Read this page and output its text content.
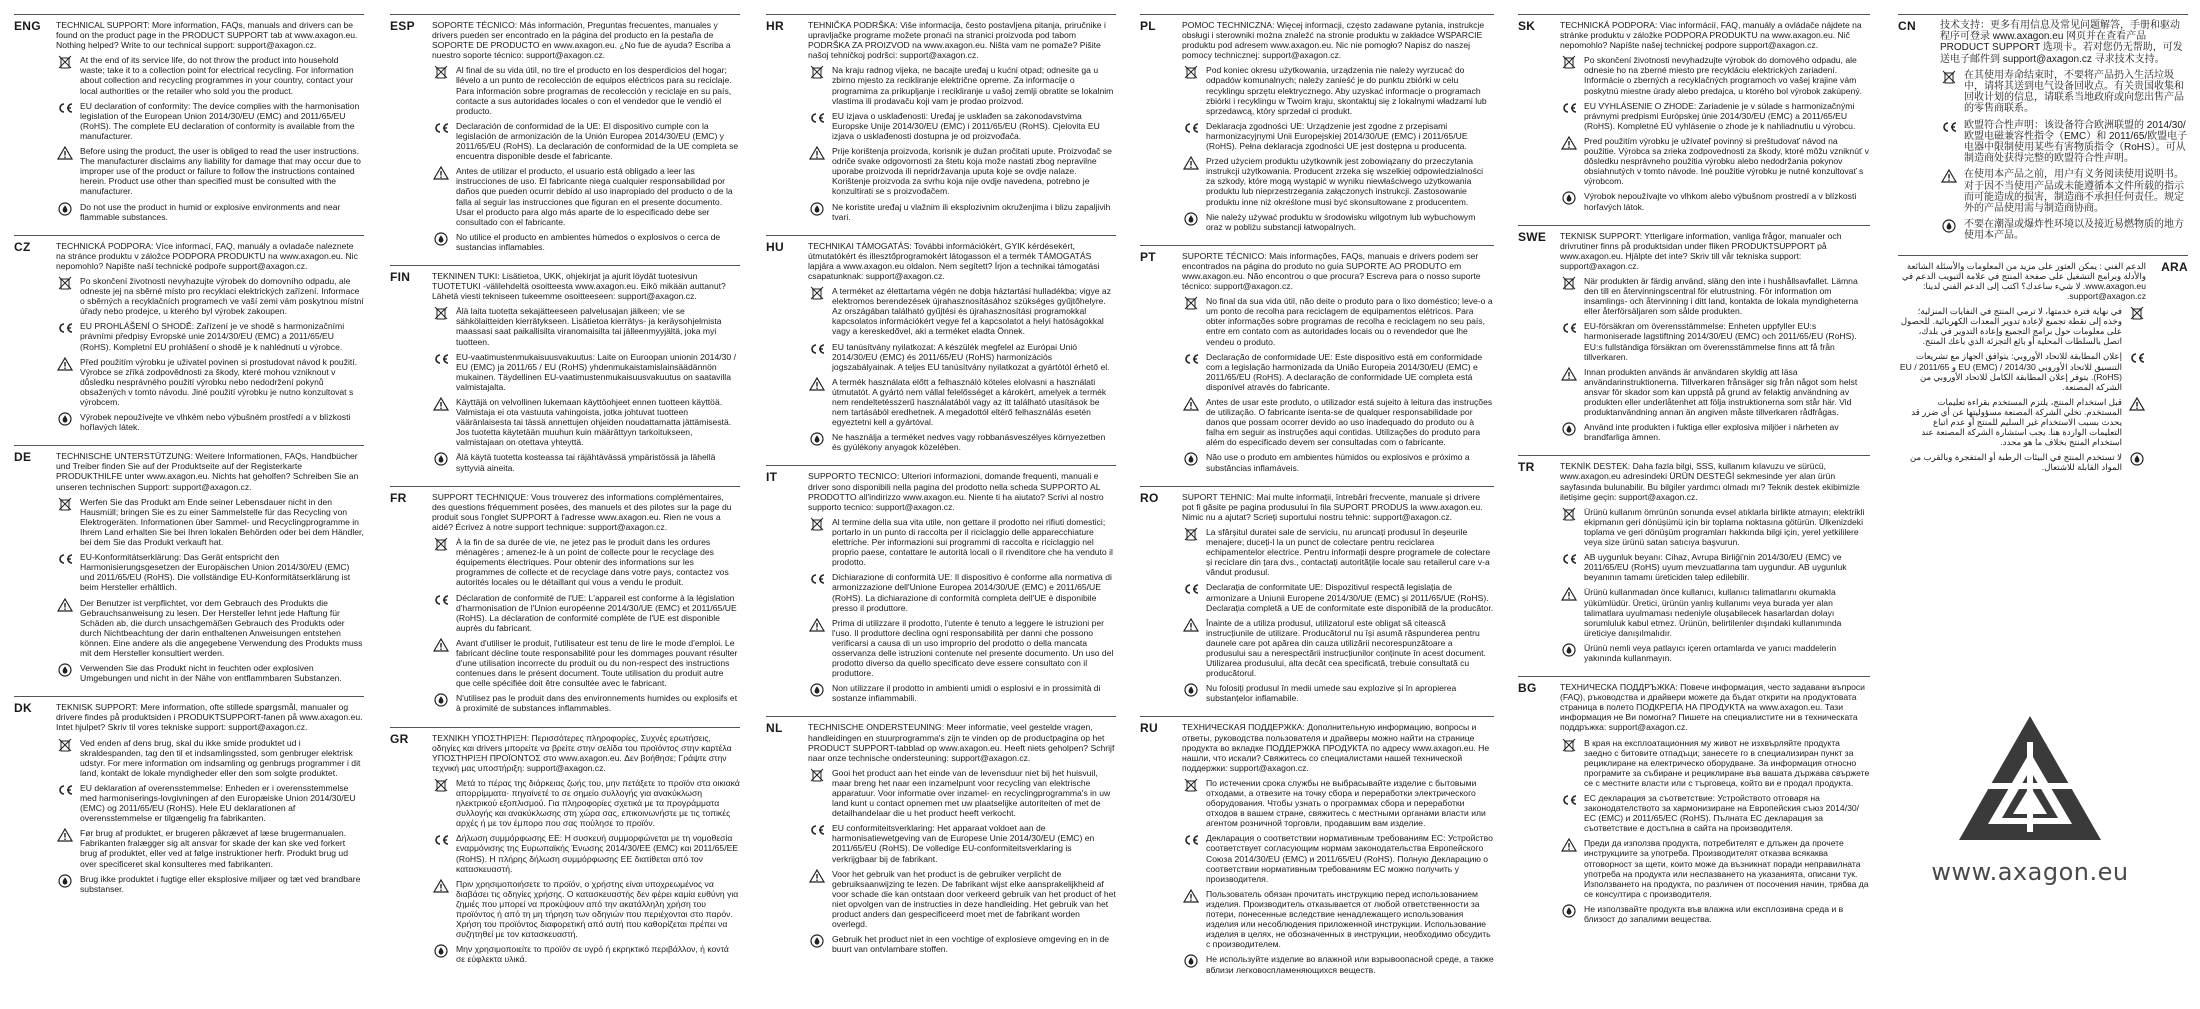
ENG	TECHNICAL SUPPORT: More information, FAQs, manuals and drivers can be found on the product page in the PRODUCT SUPPORT tab at www.axagon.eu. Nothing helped? Write to our technical support: support@axagon.cz.
At the end of its service life, do not throw the product into household waste; take it to a collection point for electrical recycling. For information about collection and recycling programmes in your country, contact your local authorities or the retailer who sold you the product.
EU declaration of conformity: The device complies with the harmonisation legislation of the European Union 2014/30/EU (EMC) and 2011/65/EU (RoHS). The complete EU declaration of conformity is available from the manufacturer.
Before using the product, the user is obliged to read the user instructions. The manufacturer disclaims any liability for damage that may occur due to improper use of the product or failure to follow the instructions contained herein. Product use other than specified must be consulted with the manufacturer.
Do not use the product in humid or explosive environments and near flammable substances.
CZ	TECHNICKÁ PODPORA: Více informací, FAQ, manuály a ovladače naleznete na stránce produktu v záložce PODPORA PRODUKTU na www.axagon.eu. Nic nepomohlo? Napište naší technické podpoře support@axagon.cz.
Po skončení životnosti nevyhazujte výrobek do domovního odpadu, ale odneste jej na sběrné místo pro recyklaci elektrických zařízení. Informace o sběrných a recyklačních programech ve vaší zemi vám poskytnou místní úřady nebo prodejce, u kterého byl výrobek zakoupen.
EU PROHLÁŠENÍ O SHODĚ: Zařízení je ve shodě s harmonizačními právními předpisy Evropské unie 2014/30/EU (EMC) a 2011/65/EU (RoHS). Kompletní EU prohlášení o shodě je k nahlédnutí u výrobce.
Před použitím výrobku je uživatel povinen si prostudovat návod k použití. Výrobce se zříká zodpovědnosti za škody, které mohou vzniknout v důsledku nesprávného použití výrobku nebo nedodržení pokynů obsažených v tomto návodu. Jiné použití výrobku je nutno konzultovat s výrobcem.
Výrobek nepoužívejte ve vlhkém nebo výbušném prostředí a v blízkosti hořlavých látek.
DE	TECHNISCHE UNTERSTÜTZUNG: Weitere Informationen, FAQs, Handbücher und Treiber finden Sie auf der Produktseite auf der Registerkarte PRODUKTHILFE unter www.axagon.eu. Nichts hat geholfen? Schreiben Sie an unseren technischen Support: support@axagon.cz.
Werfen Sie das Produkt am Ende seiner Lebensdauer nicht in den Hausmüll; bringen Sie es zu einer Sammelstelle für das Recycling von Elektrogeräten. Informationen über Sammel- und Recyclingprogramme in Ihrem Land erhalten Sie bei Ihren lokalen Behörden oder bei dem Händler, bei dem Sie das Produkt verkauft hat.
EU-Konformitätserklärung: Das Gerät entspricht den Harmonisierungsgesetzen der Europäischen Union 2014/30/EU (EMC) und 2011/65/EU (RoHS). Die vollständige EU-Konformitätserklärung ist beim Hersteller erhältlich.
Der Benutzer ist verpflichtet, vor dem Gebrauch des Produkts die Gebrauchsanweisung zu lesen. Der Hersteller lehnt jede Haftung für Schäden ab, die durch unsachgemäßen Gebrauch des Produkts oder durch Nichtbeachtung der darin enthaltenen Anweisungen entstehen können. Eine andere als die angegebene Verwendung des Produkts muss mit dem Hersteller konsultiert werden.
Verwenden Sie das Produkt nicht in feuchten oder explosiven Umgebungen und nicht in der Nähe von entflammbaren Substanzen.
DK	TEKNISK SUPPORT: Mere information, ofte stillede spørgsmål, manualer og drivere findes på produktsiden i PRODUKTSUPPORT-fanen på www.axagon.eu. Intet hjulpet? Skriv til vores tekniske support: support@axagon.cz.
Ved enden af dens brug, skal du ikke smide produktet ud i skraldespanden, tag den til et indsamlingssted, som genbruger elektrisk udstyr. For mere information om indsamling og genbrugs programmer i dit land, kontakt de lokale myndigheder eller den som solgte produktet.
EU deklaration af overensstemmelse: Enheden er i overensstemmelse med harmoniserings-lovgivningen af den Europæiske Union 2014/30/EU (EMC) og 2011/65/EU (RoHS). Hele EU deklarationen af overensstemmelse er tilgængelig fra fabrikanten.
Før brug af produktet, er brugeren påkrævet af læse brugermanualen. Fabrikanten fralægger sig alt ansvar for skade der kan ske ved forkert brug af produktet, eller ved at følge instruktioner herfr. Produkt brug ud over specificeret skal konsulteres med fabrikanten.
Brug ikke produktet i fugtige eller eksplosive miljøer og tæt ved brandbare substanser.
ESP	SOPORTE TÉCNICO: Más información, Preguntas frecuentes, manuales y drivers pueden ser encontrado en la página del producto en la pestaña de SOPORTE DE PRODUCTO en www.axagon.eu. ¿No fue de ayuda? Escriba a nuestro soporte técnico: support@axagon.cz.
Al final de su vida útil, no tire el producto en los desperdicios del hogar; llévelo a un punto de recolección de equipos eléctricos para su reciclaje. Para información sobre programas de recolección y reciclaje en su país, contacte a sus autoridades locales o con el vendedor que le vendió el producto.
Declaración de conformidad de la UE: El dispositivo cumple con la legislación de armonización de la Unión Europea 2014/30/EU (EMC) y 2011/65/EU (RoHS). La declaración de conformidad de la UE completa se encuentra disponible desde el fabricante.
Antes de utilizar el producto, el usuario está obligado a leer las instrucciones de uso. El fabricante niega cualquier responsabilidad por daños que pueden ocurrir debido al uso inapropiado del producto o de la falla al seguir las instrucciones que figuran en el presente documento. Usar el producto para algo más aparte de lo especificado debe ser consultado con el fabricante.
No utilice el producto en ambientes húmedos o explosivos o cerca de sustancias inflamables.
FIN	TEKNINEN TUKI: Lisätietoa, UKK, ohjekirjat ja ajurit löydät tuotesivun TUOTETUKI -välilehdeltä osoitteesta www.axagon.eu. Eikö mikään auttanut? Lähetä viesti tekniseen tukeemme osoitteeseen: support@axagon.cz.
Älä laita tuotetta sekajätteeseen palvelusajan jälkeen; vie se sähkölaitteiden kierrätykseen. Lisätietoa kierrätys- ja keräysohjelmista maassasi saat paikallisilta viranomaisilta tai jälleenmyyjältä, joka myi tuotteen.
EU-vaatimustenmukaisuusvakuutus: Laite on Euroopan unionin 2014/30 / EU (EMC) ja 2011/65 / EU (RoHS) yhdenmukaistamislainsäädännön mukainen. Täydellinen EU-vaatimustenmukaisuusvakuutus on saatavilla valmistajalta.
Käyttäjä on velvollinen lukemaan käyttöohjeet ennen tuotteen käyttöä. Valmistaja ei ota vastuuta vahingoista, jotka johtuvat tuotteen vääränlaisesta tai tässä annettujen ohjeiden noudattamatta jättämisestä. Jos tuotetta käytetään muuhun kuin määrättyyn tarkoitukseen, valmistajaan on otettava yhteyttä.
Älä käytä tuotetta kosteassa tai räjähtävässä ympäristössä ja lähellä syttyviä aineita.
FR	SUPPORT TECHNIQUE: Vous trouverez des informations complémentaires, des questions fréquemment posées, des manuels et des pilotes sur la page du produit sous l'onglet SUPPORT à l'adresse www.axagon.eu. Rien ne vous a aidé? Écrivez à notre support technique: support@axagon.cz.
À la fin de sa durée de vie, ne jetez pas le produit dans les ordures ménagères ; amenez-le à un point de collecte pour le recyclage des équipements électriques. Pour obtenir des informations sur les programmes de collecte et de recyclage dans votre pays, contactez vos autorités locales ou le détaillant qui vous a vendu le produit.
Déclaration de conformité de l'UE: L'appareil est conforme à la législation d'harmonisation de l'Union européenne 2014/30/UE (EMC) et 2011/65/UE (RoHS). La déclaration de conformité complète de l'UE est disponible auprès du fabricant.
Avant d'utiliser le produit, l'utilisateur est tenu de lire le mode d'emploi. Le fabricant décline toute responsabilité pour les dommages pouvant résulter d'une utilisation incorrecte du produit ou du non-respect des instructions contenues dans le présent document. Toute utilisation du produit autre que celle spécifiée doit être consultée avec le fabricant.
N'utilisez pas le produit dans des environnements humides ou explosifs et à proximité de substances inflammables.
GR	ΤΕΧΝΙΚΗ ΥΠΟΣΤΗΡΙΞΗ: Περισσότερες πληροφορίες, Συχνές ερωτήσεις, οδηγίες και drivers μπορείτε να βρείτε στην σελίδα του προϊόντος στην καρτέλα ΥΠΟΣΤΗΡΙΞΗ ΠΡΟΪΟΝΤΟΣ στο www.axagon.eu. Δεν βοήθησε; Γράψτε στην τεχνική μας υποστήριξη: support@axagon.cz.
Μετά το πέρας της διάρκειας ζωής του, μην πετάξετε το προϊόν στα οικιακά απορρίμματα· πηγαίνετέ το σε σημείο συλλογής για ανακύκλωση ηλεκτρικού εξοπλισμού. Για πληροφορίες σχετικά με τα προγράμματα συλλογής και ανακύκλωσης στη χώρα σας, επικοινωνήστε με τις τοπικές αρχές ή με τον έμπορο που σας πούλησε το προϊόν.
Δήλωση συμμόρφωσης ΕΕ: Η συσκευή συμμορφώνεται με τη νομοθεσία εναρμόνισης της Ευρωπαϊκής Ένωσης 2014/30/ΕΕ (EMC) και 2011/65/ΕΕ (RoHS). Η πλήρης δήλωση συμμόρφωσης ΕΕ διατίθεται από τον κατασκευαστή.
Πριν χρησιμοποιήσετε το προϊόν, ο χρήστης είναι υποχρεωμένος να διαβάσει τις οδηγίες χρήσης. Ο κατασκευαστής δεν φέρει καμία ευθύνη για ζημιές που μπορεί να προκύψουν από την ακατάλληλη χρήση του προϊόντος ή από τη μη τήρηση των οδηγιών που περιέχονται στο παρόν. Χρήση του προϊόντος διαφορετική από αυτή που καθορίζεται πρέπει να συζητηθεί με τον κατασκευαστή.
Μην χρησιμοποιείτε το προϊόν σε υγρό ή εκρηκτικό περιβάλλον, ή κοντά σε εύφλεκτα υλικά.
HR	TEHNIČKA PODRŠKA: Više informacija, često postavljena pitanja, priručnike i upravljačke programe možete pronaći na stranici proizvoda pod tabom PODRŠKA ZA PROIZVOD na www.axagon.eu. Ništa vam ne pomaže? Pišite našoj tehničkoj podršci: support@axagon.cz.
Na kraju radnog vijeka, ne bacajte uređaj u kućni otpad; odnesite ga u zbirno mjesto za recikliranje električne opreme. Za informacije o programima za prikupljanje i recikliranje u vašoj zemlji obratite se lokalnim vlastima ili prodavaču koji vam je prodao proizvod.
EU izjava o usklađenosti: Uređaj je usklađen sa zakonodavstvima Europske Unije 2014/30/EU (EMC) i 2011/65/EU (RoHS). Cjelovita EU izjava o usklađenosti dostupna je od proizvođača.
Prije korištenja proizvoda, korisnik je dužan pročitati upute. Proizvođač se odriče svake odgovornosti za štetu koja može nastati zbog nepravilne uporabe proizvoda ili nepridržavanja uputa koje se ovdje nalaze. Korištenje proizvoda za svrhu koja nije ovdje navedena, potrebno je konzultirati se s proizvođačem.
Ne koristite uređaj u vlažnim ili eksplozivnim okruženjima i blizu zapaljivih tvari.
HU	TECHNIKAI TÁMOGATÁS: További információkért, GYIK kérdésekért, útmutatókért és illesztőprogramokért látogasson el a termék TÁMOGATÁS lapjára a www.axagon.eu oldalon. Nem segített? Írjon a technikai támogatási csapatunknak: support@axagon.cz.
A terméket az élettartama végén ne dobja háztartási hulladékba; vigye az elektromos berendezések újrahasznosításához szükséges gyűjtőhelyre. Az országában található gyűjtési és újrahasznosítási programokkal kapcsolatos információkért vegye fel a kapcsolatot a helyi hatóságokkal vagy a kereskedővel, aki a terméket eladta Önnek.
EU tanúsítvány nyilatkozat: A készülék megfelel az Európai Unió 2014/30/EU (EMC) és 2011/65/EU (RoHS) harmonizációs jogszabályainak. A teljes EU tanúsítvány nyilatkozat a gyártótól érhető el.
A termék használata előtt a felhasználó köteles elolvasni a használati útmutatót. A gyártó nem vállal felelősséget a károkért, amelyek a termék nem rendeltetésszerű használatából vagy az itt található utasítások be nem tartásából eredhetnek. A megadottól eltérő felhasználás esetén egyeztetni kell a gyártóval.
Ne használja a terméket nedves vagy robbanásveszélyes környezetben és gyúlékony anyagok közelében.
IT	SUPPORTO TECNICO: Ulteriori informazioni, domande frequenti, manuali e driver sono disponibili nella pagina del prodotto nella scheda SUPPORTO AL PRODOTTO all'indirizzo www.axagon.eu. Niente ti ha aiutato? Scrivi al nostro supporto tecnico: support@axagon.cz.
Al termine della sua vita utile, non gettare il prodotto nei rifiuti domestici; portarlo in un punto di raccolta per il riciclaggio delle apparecchiature elettriche. Per informazioni sui programmi di raccolta e riciclaggio nel proprio paese, contattare le autorità locali o il rivenditore che ha venduto il prodotto.
Dichiarazione di conformità UE: Il dispositivo è conforme alla normativa di armonizzazione dell'Unione Europea 2014/30/UE (EMC) e 2011/65/UE (RoHS). La dichiarazione di conformità completa dell'UE è disponibile presso il produttore.
Prima di utilizzare il prodotto, l'utente è tenuto a leggere le istruzioni per l'uso. Il produttore declina ogni responsabilità per danni che possono verificarsi a causa di un uso improprio del prodotto o della mancata osservanza delle istruzioni contenute nel presente documento. Un uso del prodotto diverso da quello specificato deve essere consultato con il produttore.
Non utilizzare il prodotto in ambienti umidi o esplosivi e in prossimità di sostanze infiammabili.
NL	TECHNISCHE ONDERSTEUNING: Meer informatie, veel gestelde vragen, handleidingen en stuurprogramma's zijn te vinden op de productpagina op het PRODUCT SUPPORT-tabblad op www.axagon.eu. Heeft niets geholpen? Schrijf naar onze technische ondersteuning: support@axagon.cz.
Gooi het product aan het einde van de levensduur niet bij het huisvuil, maar breng het naar een inzamelpunt voor recycling van elektrische apparatuur. Voor informatie over inzamel- en recyclingprogramma's in uw land kunt u contact opnemen met uw plaatselijke autoriteiten of met de detailhandelaar die u het product heeft verkocht.
EU conformiteitsverklaring: Het apparaat voldoet aan de harmonisatiewetgeving van de Europese Unie 2014/30/EU (EMC) en 2011/65/EU (RoHS). De volledige EU-conformiteitsverklaring is verkrijgbaar bij de fabrikant.
Voor het gebruik van het product is de gebruiker verplicht de gebruiksaanwijzing te lezen. De fabrikant wijst elke aansprakelijkheid af voor schade die kan ontstaan door verkeerd gebruik van het product of het niet opvolgen van de instructies in deze handleiding. Het gebruik van het product anders dan gespecificeerd moet met de fabrikant worden overlegd.
Gebruik het product niet in een vochtige of explosieve omgeving en in de buurt van ontvlambare stoffen.
PL	POMOC TECHNICZNA: Więcej informacji, często zadawane pytania, instrukcje obsługi i sterowniki można znaleźć na stronie produktu w zakładce WSPARCIE produktu pod adresem www.axagon.eu. Nic nie pomogło? Napisz do naszej pomocy technicznej: support@axagon.cz.
Pod koniec okresu użytkowania, urządzenia nie należy wyrzucać do odpadów komunalnych; należy zanieść je do punktu zbiórki w celu recyklingu sprzętu elektrycznego. Aby uzyskać informacje o programach zbiórki i recyklingu w Twoim kraju, skontaktuj się z lokalnymi władzami lub sprzedawcą, który sprzedał ci produkt.
Deklaracja zgodności UE: Urządzenie jest zgodne z przepisami harmonizacyjnymi Unii Europejskiej 2014/30/UE (EMC) i 2011/65/UE (RoHS). Pełna deklaracja zgodności UE jest dostępna u producenta.
Przed użyciem produktu użytkownik jest zobowiązany do przeczytania instrukcji użytkowania. Producent zrzeka się wszelkiej odpowiedzialności za szkody, które mogą wystąpić w wyniku niewłaściwego użytkowania produktu lub nieprzestrzegania załączonych instrukcji. Zastosowanie produktu inne niż określone musi być skonsultowane z producentem.
Nie należy używać produktu w środowisku wilgotnym lub wybuchowym oraz w pobliżu substancji łatwopalnych.
PT	SUPORTE TÉCNICO: Mais informações, FAQs, manuais e drivers podem ser encontrados na página do produto no guia SUPORTE AO PRODUTO em www.axagon.eu. Não encontrou o que procura? Escreva para o nosso suporte técnico: support@axagon.cz.
No final da sua vida útil, não deite o produto para o lixo doméstico; leve-o a um ponto de recolha para reciclagem de equipamentos elétricos. Para obter informações sobre programas de recolha e reciclagem no seu país, entre em contato com as autoridades locais ou o revendedor que lhe vendeu o produto.
Declaração de conformidade UE: Este dispositivo está em conformidade com a legislação harmonizada da União Europeia 2014/30/EU (EMC) e 2011/65/EU (RoHS). A declaração de conformidade UE completa está disponível através do fabricante.
Antes de usar este produto, o utilizador está sujeito à leitura das instruções de utilização. O fabricante isenta-se de qualquer responsabilidade por danos que possam ocorrer devido ao uso inadequado do produto ou à falha em seguir as instruções aqui contidas. Utilizações do produto para além do especificado devem ser consultadas com o fabricante.
Não use o produto em ambientes húmidos ou explosivos e próximo a substâncias inflamáveis.
RO	SUPORT TEHNIC: Mai multe informații, întrebări frecvente, manuale și drivere pot fi găsite pe pagina produsului în fila SUPORT PRODUS la www.axagon.eu. Nimic nu a ajutat? Scrieți suportului nostru tehnic: support@axagon.cz.
La sfârșitul duratei sale de serviciu, nu aruncați produsul în deșeurile menajere; duceți-l la un punct de colectare pentru reciclarea echipamentelor electrice. Pentru informații despre programele de colectare și reciclare din țara dvs., contactați autoritățile locale sau retailerul care v-a vândut produsul.
Declarația de conformitate UE: Dispozitivul respectă legislația de armonizare a Uniunii Europene 2014/30/UE (EMC) și 2011/65/UE (RoHS). Declarația completă a UE de conformitate este disponibilă de la producător.
Înainte de a utiliza produsul, utilizatorul este obligat să citească instrucțiunile de utilizare. Producătorul nu își asumă răspunderea pentru daunele care pot apărea din cauza utilizării necorespunzătoare a produsului sau a nerespectării instrucțiunilor conținute în acest document. Utilizarea produsului, alta decât cea specificată, trebuie consultată cu producătorul.
Nu folosiți produsul în medii umede sau explozive și în apropierea substanțelor inflamabile.
RU	ТЕХНИЧЕСКАЯ ПОДДЕРЖКА: Дополнительную информацию, вопросы и ответы, руководства пользователя и драйверы можно найти на странице продукта во вкладке ПОДДЕРЖКА ПРОДУКТА по адресу www.axagon.eu. Не нашли, что искали? Свяжитесь со специалистами нашей технической поддержки: support@axagon.cz.
По истечении срока службы не выбрасывайте изделие с бытовыми отходами, а отвезите на точку сбора и переработки электрического оборудования. Чтобы узнать о программах сбора и переработки отходов в вашем стране, свяжитесь с местными органами власти или агентом розничной торговли, продавшим вам изделие.
Декларация о соответствии нормативным требованиям ЕС: Устройство соответствует согласующим нормам законодательства Европейского Союза 2014/30/EU (EMC) и 2011/65/EU (RoHS). Полную Декларацию о соответствии нормативным требованиям ЕС можно получить у производителя.
Пользователь обязан прочитать инструкцию перед использованием изделия. Производитель отказывается от любой ответственности за потери, понесенные вследствие ненадлежащего использования изделия или несоблюдения приложенной инструкции. Использование изделия в целях, не обозначенных в инструкции, необходимо обсудить с производителем.
Не используйте изделие во влажной или взрывоопасной среде, а также вблизи легковоспламеняющихся веществ.
SK	TECHNICKÁ PODPORA: Viac informácií, FAQ, manuály a ovládače nájdete na stránke produktu v záložke PODPORA PRODUKTU na www.axagon.eu. Nič nepomohlo? Napíšte našej technickej podpore support@axagon.cz.
Po skončení životnosti nevyhadzujte výrobok do domového odpadu, ale odnesie ho na zberné miesto pre recykláciu elektrických zariadení. Informácie o zberných a recyklačných programoch vo vašej krajine vám poskytnú miestne úrady alebo predajca, u ktorého bol výrobok zakúpený.
EU VYHLÁSENIE O ZHODE: Zariadenie je v súlade s harmonizačnými právnymi predpismi Európskej únie 2014/30/EU (EMC) a 2011/65/EU (RoHS). Kompletné EÚ vyhlásenie o zhode je k nahliadnutiu u výrobcu.
Pred použitím výrobku je užívateľ povinný si preštudovať návod na použitie. Výrobca sa zrieka zodpovednosti za škody, ktoré môžu vzniknúť v dôsledku nesprávneho použitia výrobku alebo nedodržania pokynov obsiahnutých v tomto návode. Iné použitie výrobku je nutné konzultovať s výrobcom.
Výrobok nepoužívajte vo vlhkom alebo výbušnom prostredí a v blízkosti horľavých látok.
SWE	TEKNISK SUPPORT: Ytterligare information, vanliga frågor, manualer och drivrutiner finns på produktsidan under fliken PRODUKTSUPPORT på www.axagon.eu. Hjälpte det inte? Skriv till vår tekniska support: support@axagon.cz.
När produkten är färdig använd, släng den inte i hushållsavfallet. Lämna den till en återvinningscentral för elutrustning. För information om insamlings- och återvinning i ditt land, kontakta de lokala myndigheterna eller återförsäljaren som sålde produkten.
EU-försäkran om överensstämmelse: Enheten uppfyller EU:s harmoniserade lagstiftning 2014/30/EU (EMC) och 2011/65/EU (RoHS). EU:s fullständiga försäkran om överensstämmelse finns att få från tillverkaren.
Innan produkten används är användaren skyldig att läsa användarinstruktionerna. Tillverkaren frånsäger sig från något som helst ansvar för skador som kan uppstå på grund av felaktig användning av produkten eller underlåtenhet att följa instruktionerna som står här. Vid produktanvändning annan än angiven måste tillverkaren rådfrågas.
Använd inte produkten i fuktiga eller explosiva miljöer i närheten av brandfarliga ämnen.
TR	TEKNİK DESTEK: Daha fazla bilgi, SSS, kullanım kılavuzu ve sürücü, www.axagon.eu adresindeki ÜRÜN DESTEĞİ sekmesinde yer alan ürün sayfasında bulunabilir. Bu bilgiler yardımcı olmadı mı? Teknik destek ekibimizle iletişime geçin: support@axagon.cz.
Ürünü kullanım ömrünün sonunda evsel atıklarla birlikte atmayın; elektrikli ekipmanın geri dönüşümü için bir toplama noktasına götürün. Ülkenizdeki toplama ve geri dönüşüm programları hakkında bilgi için, yerel yetkililere veya size ürünü satan satıcıya başvurun.
AB uygunluk beyanı: Cihaz, Avrupa Birliği'nin 2014/30/EU (EMC) ve 2011/65/EU (RoHS) uyum mevzuatlarına tam uygundur. AB uygunluk beyanının tamamı üreticiden talep edilebilir.
Ürünü kullanmadan önce kullanıcı, kullanıcı talimatlarını okumakla yükümlüdür. Üretici, ürünün yanlış kullanımı veya burada yer alan talimatlara uyulmaması nedeniyle oluşabilecek hasarlardan dolayı sorumluluk kabul etmez. Ürünün, belirtilenler dışındaki kullanımında üreticiye danışılmalıdır.
Ürünü nemli veya patlayıcı içeren ortamlarda ve yanıcı maddelerin yakınında kullanmayın.
BG	ТЕХНИЧЕСКА ПОДДРЪЖКА: Повече информация, често задавани въпроси (FAQ), ръководства и драйвери можете да бъдат открити на продуктовата страница в полето ПОДКРЕПА НА ПРОДУКТА на www.axagon.eu. Тази информация не Ви помогна? Пишете на специалистите ни в техническата поддръжка: support@axagon.cz.
В края на експлоатационния му живот не изхвърляйте продукта заедно с битовите отпадъци; занесете го в специализиран пункт за рециклиране на електрическо оборудване. За информация относно програмите за събиране и рециклиране във вашата държава свържете се с местните власти или с търговеца, който ви е продал продукта.
ЕС декларация за съответствие: Устройството отговаря на законодателството за хармонизиране на Европейския съюз 2014/30/ЕС (EMC) и 2011/65/ЕС (RoHS). Пълната ЕС декларация за съответствие е достъпна в сайта на производителя.
Преди да използва продукта, потребителят е длъжен да прочете инструкциите за употреба. Производителят отказва всякаква отговорност за щети, които може да възникнат поради неправилната употреба на продукта или неспазването на указанията, описани тук. Използването на продукта, по различен от посочения начин, трябва да се консултира с производителя.
Не използвайте продукта във влажна или експлозивна среда и в близост до запалими вещества.
CN	技术支持：更多有用信息及常见问题解答，手册和驱动程序可登录 www.axagon.eu 网页并在查看产品 PRODUCT SUPPORT 选项卡。若对您仍无帮助，可发送电子邮件到 support@axagon.cz 寻求技术支持。
在其使用寿命结束时，不要将产品扔入生活垃圾中，请将其送到电气设备回收点。有关贵国收集和回收计划的信息，请联系当地政府或向您出售产品的零售商联系。
欧盟符合性声明：该设备符合欧洲联盟的 2014/30/欧盟电磁兼容性指令（EMC）和 2011/65/欧盟电子电器中限制使用某些有害物质指令（RoHS）。可从制造商处获得完整的欧盟符合性声明。
在使用本产品之前，用户有义务阅读使用说明书。对于因不当使用产品或未能遵循本文件所载的指示而可能造成的损害，制造商不承担任何责任。规定外的产品使用需与制造商协商。
不要在潮湿或爆炸性环境以及接近易燃物质的地方使用本产品。
الدعم الفني : يمكن العثور على مزيد من المعلومات والأسئلة الشائعة والأدلة وبرامج التشغيل على صفحة المنتج في علامة التبويب الدعم في www.axagon.eu. لا شيء ساعدك؟ اكتب إلى الدعم الفني لدينا: support@axagon.cz.
في نهاية فترة خدمتها، لا ترمي المنتج في النفايات المنزلية؛ وخذه إلى نقطة تجميع لإعادة تدوير المعدات الكهربائية. للحصول على معلومات حول برامج التجميع وإعادة التدوير في بلدك، اتصل بالسلطات المحلية أو بائع التجزئة الذي باعك المنتج.
إعلان المطابقة للاتحاد الأوروبي: يتوافق الجهاز مع تشريعات التنسيق للاتحاد الأوروبي 2014/30 / EU (EMC) و 2011/65 / EU (RoHS). يتوفر إعلان المطابقة الكامل للاتحاد الأوروبي من الشركة المصنعة.
قبل استخدام المنتج، يلتزم المستخدم بقراءة تعليمات المستخدم. تخلي الشركة المصنعة مسؤوليتها عن أي ضرر قد يحدث بسبب الاستخدام غير السليم للمنتج أو عدم اتباع التعليمات الواردة هنا. يجب استشارة الشركة المصنعة عند استخدام المنتج بخلاف ما هو محدد.
لا تستخدم المنتج في البيئات الرطبة أو المتفجرة وبالقرب من المواد القابلة للاشتعال.
ARA
www.axagon.eu
